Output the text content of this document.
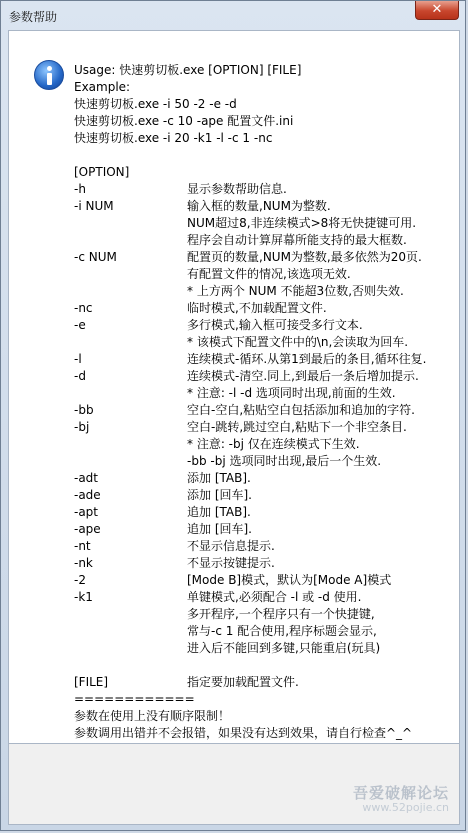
参数帮助	✕
Usage: 快速剪切板.exe [OPTION] [FILE]
Example:
快速剪切板.exe -i 50 -2 -e -d
快速剪切板.exe -c 10 -ape 配置文件.ini
快速剪切板.exe -i 20 -k1 -l -c 1 -nc
[OPTION]
-h	显示参数帮助信息.
-i NUM	输入框的数量,NUM为整数.
NUM超过8,非连续模式>8将无快捷键可用.
程序会自动计算屏幕所能支持的最大框数.
-c NUM	配置页的数量,NUM为整数,最多依然为20页.
有配置文件的情况,该选项无效.
* 上方两个 NUM 不能超3位数,否则失效.
-nc	临时模式,不加载配置文件.
-e	多行模式,输入框可接受多行文本.
* 该模式下配置文件中的\n,会读取为回车.
-l	连续模式-循环.从第1到最后的条目,循环往复.
-d	连续模式-清空.同上,到最后一条后增加提示.
* 注意: -l -d 选项同时出现,前面的生效.
-bb	空白-空白,粘贴空白包括添加和追加的字符.
-bj	空白-跳转,跳过空白,粘贴下一个非空条目.
* 注意: -bj 仅在连续模式下生效.
-bb -bj 选项同时出现,最后一个生效.
-adt	添加 [TAB].
-ade	添加 [回车].
-apt	追加 [TAB].
-ape	追加 [回车].
-nt	不显示信息提示.
-nk	不显示按键提示.
-2	[Mode B]模式，默认为[Mode A]模式
-k1	单键模式,必须配合 -l 或 -d 使用.
多开程序,一个程序只有一个快捷键,
常与-c 1 配合使用,程序标题会显示,
进入后不能回到多键,只能重启(玩具)
[FILE]	指定要加载配置文件.
============
参数在使用上没有顺序限制！
参数调用出错并不会报错，如果没有达到效果，请自行检查^_^
吾爱破解论坛
www.52pojie.cn
